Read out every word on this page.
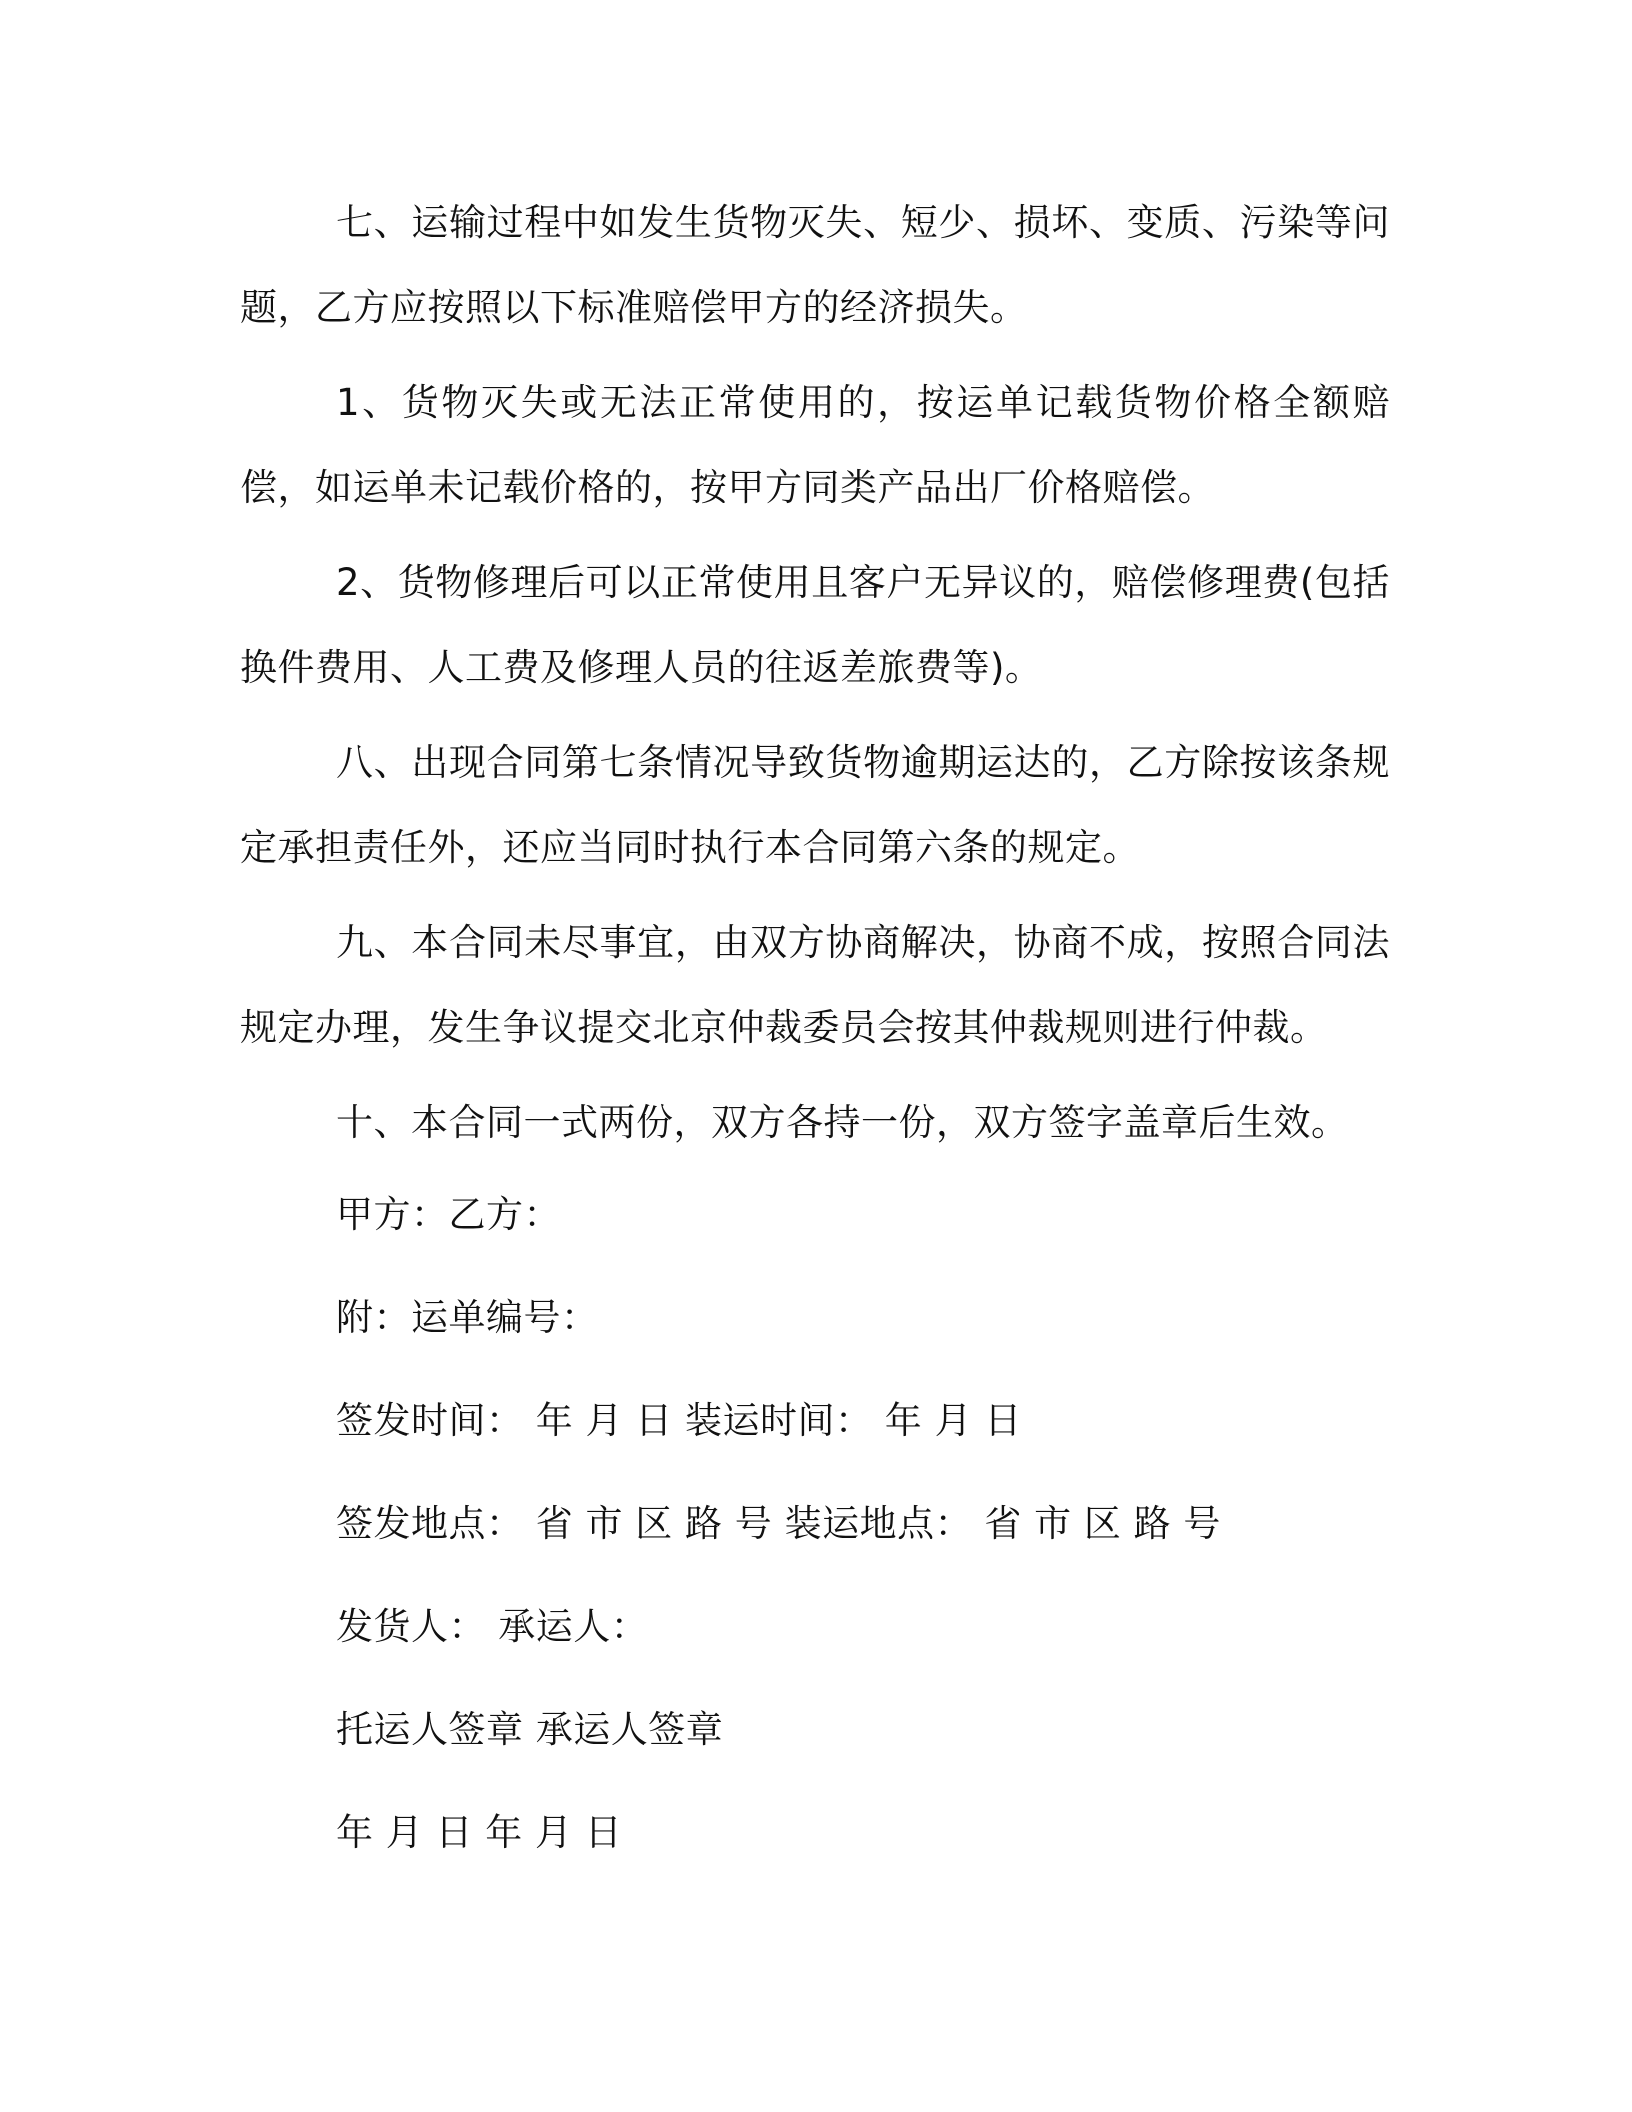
七、运输过程中如发生货物灭失、短少、损坏、变质、污染等问题，乙方应按照以下标准赔偿甲方的经济损失。

1、货物灭失或无法正常使用的，按运单记载货物价格全额赔偿，如运单未记载价格的，按甲方同类产品出厂价格赔偿。

2、货物修理后可以正常使用且客户无异议的，赔偿修理费(包括换件费用、人工费及修理人员的往返差旅费等)。

八、出现合同第七条情况导致货物逾期运达的，乙方除按该条规定承担责任外，还应当同时执行本合同第六条的规定。

九、本合同未尽事宜，由双方协商解决，协商不成，按照合同法规定办理，发生争议提交北京仲裁委员会按其仲裁规则进行仲裁。

十、本合同一式两份，双方各持一份，双方签字盖章后生效。

甲方：乙方：

附：运单编号：

签发时间： 年 月 日 装运时间： 年 月 日

签发地点： 省 市 区 路 号 装运地点： 省 市 区 路 号

发货人： 承运人：

托运人签章 承运人签章

年 月 日 年 月 日
